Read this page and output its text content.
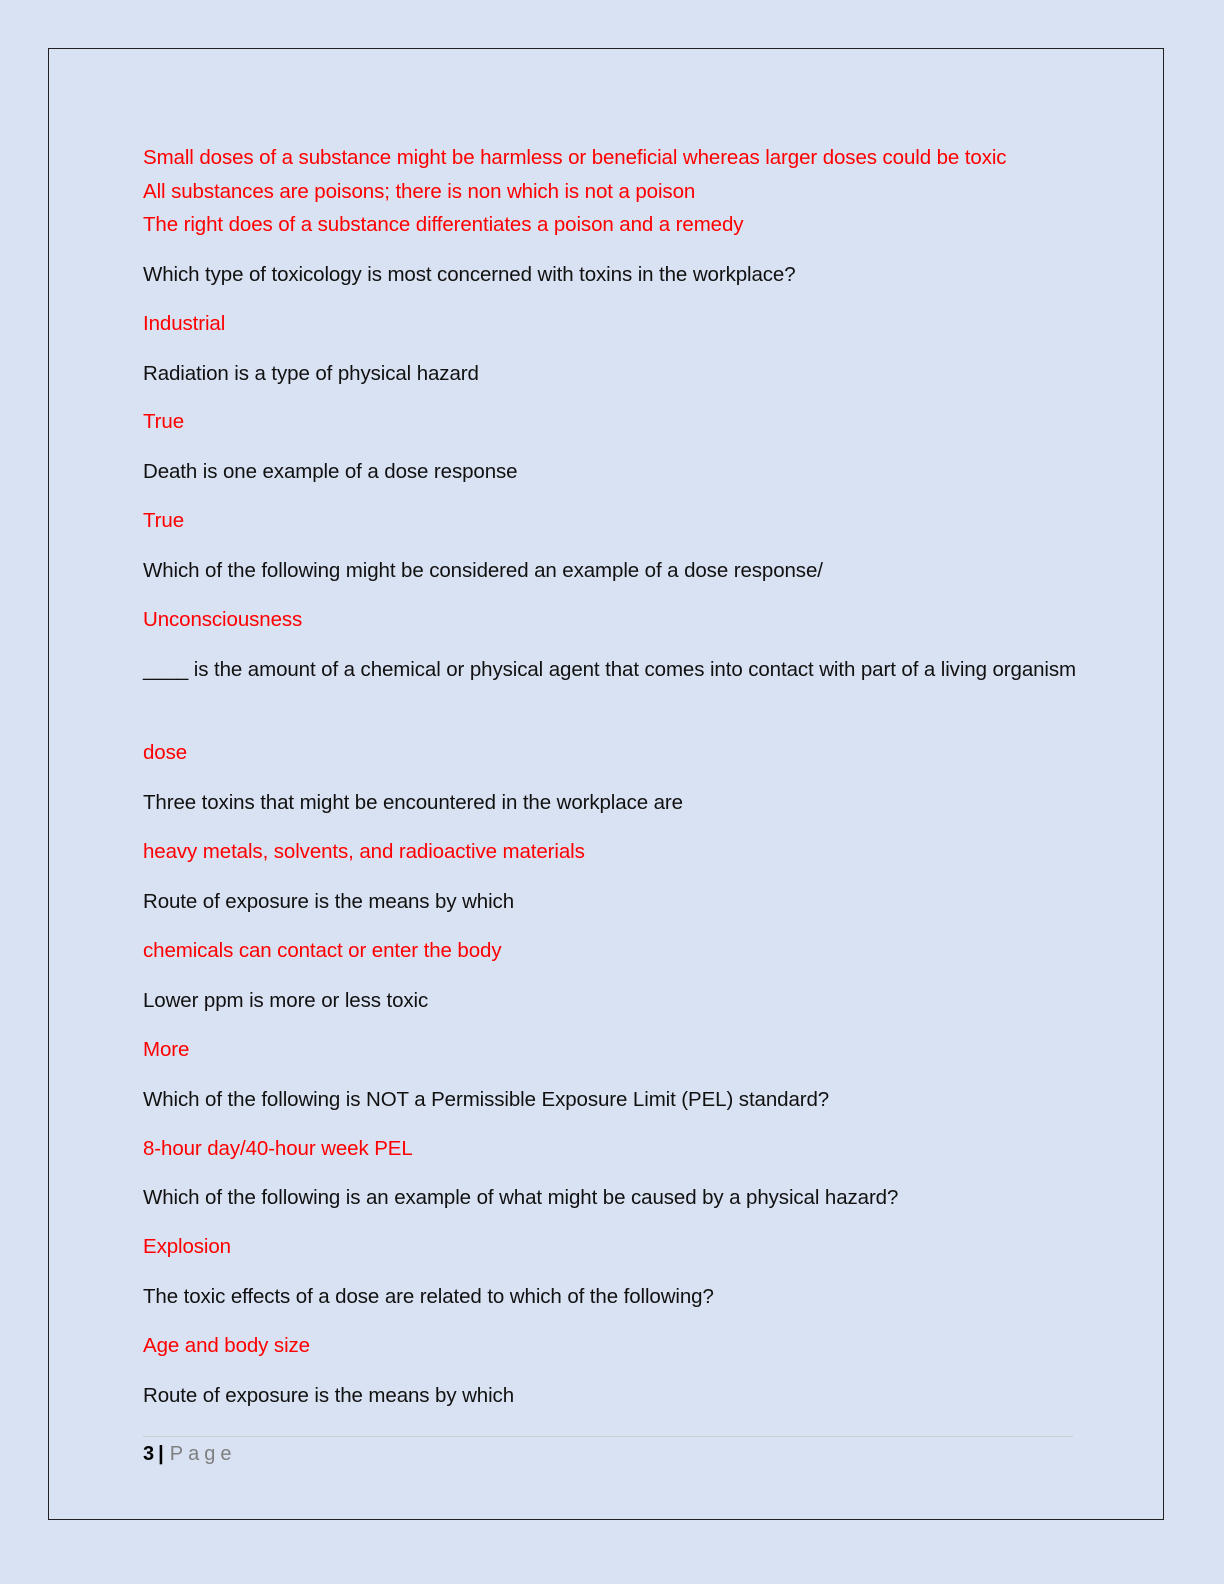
Small doses of a substance might be harmless or beneficial whereas larger doses could be toxic
All substances are poisons; there is non which is not a poison
The right does of a substance differentiates a poison and a remedy
Which type of toxicology is most concerned with toxins in the workplace?
Industrial
Radiation is a type of physical hazard
True
Death is one example of a dose response
True
Which of the following might be considered an example of a dose response/
Unconsciousness
____ is the amount of a chemical or physical agent that comes into contact with part of a living organism
dose
Three toxins that might be encountered in the workplace are
heavy metals, solvents, and radioactive materials
Route of exposure is the means by which
chemicals can contact or enter the body
Lower ppm is more or less toxic
More
Which of the following is NOT a Permissible Exposure Limit (PEL) standard?
8-hour day/40-hour week PEL
Which of the following is an example of what might be caused by a physical hazard?
Explosion
The toxic effects of a dose are related to which of the following?
Age and body size
Route of exposure is the means by which
3 | Page
